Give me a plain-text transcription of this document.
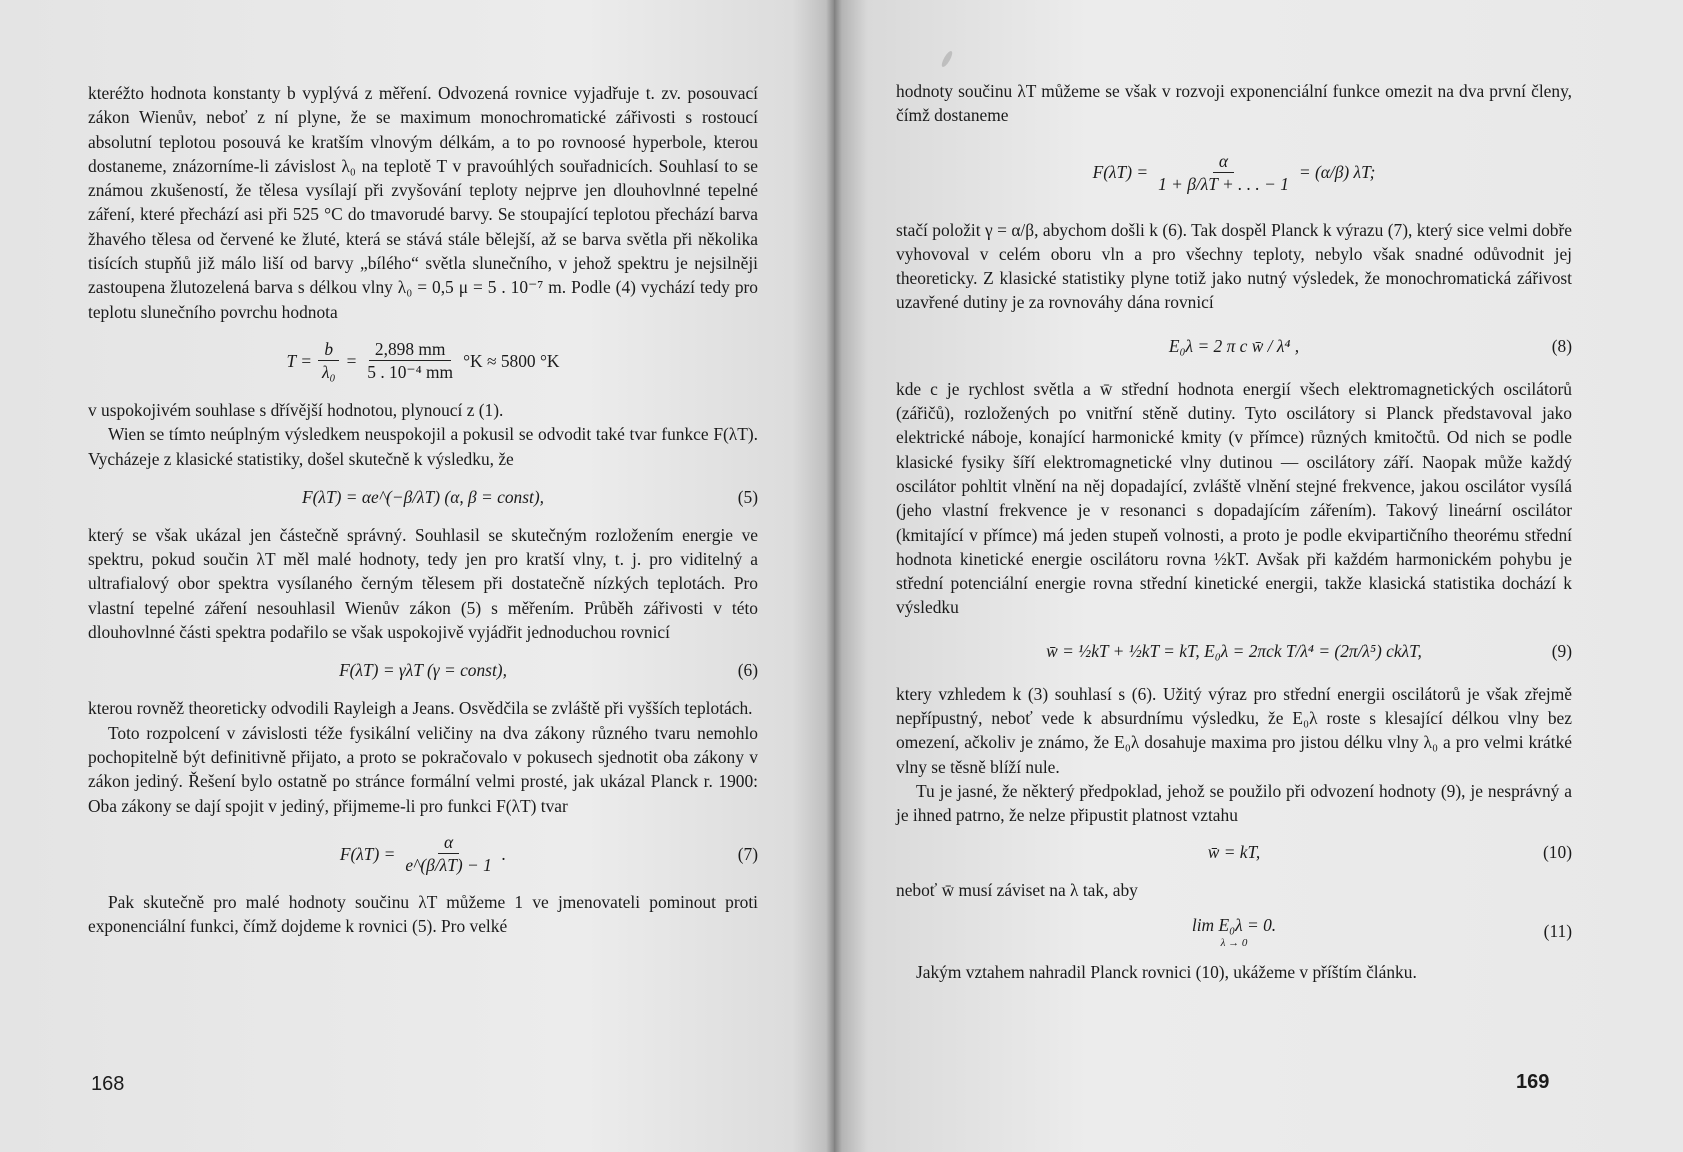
kteréžto hodnota konstanty b vyplývá z měření. Odvozená rovnice vyjadřuje t. zv. posouvací zákon Wienův, neboť z ní plyne, že se maximum monochromatické zářivosti s rostoucí absolutní teplotou posouvá ke kratším vlnovým délkám, a to po rovnoosé hyperbole, kterou dostaneme, znázorníme-li závislost λ₀ na teplotě T v pravoúhlých souřadnicích. Souhlasí to se známou zkušeností, že tělesa vysílají při zvyšování teploty nejprve jen dlouhovlnné tepelné záření, které přechází asi při 525 °C do tmavorudé barvy. Se stoupající teplotou přechází barva žhavého tělesa od červené ke žluté, která se stává stále bělejší, až se barva světla při několika tisících stupňů již málo liší od barvy „bílého“ světla slunečního, v jehož spektru je nejsilněji zastoupena žlutozelená barva s délkou vlny λ₀ = 0,5 μ = 5 . 10⁻⁷ m. Podle (4) vychází tedy pro teplotu slunečního povrchu hodnota

$T = \frac{b}{\text{λ₀}} = \frac{2,898 mm}{\text{5 . 10⁻⁴ mm}} ^\circ K \approx 5800$ °K

v uspokojivém souhlase s dřívější hodnotou, plynoucí z (1).

Wien se tímto neúplným výsledkem neuspokojil a pokusil se odvodit také tvar funkce F(λT). Vycházeje z klasické statistiky, došel skutečně k výsledku, že

F(λT) = αe^(−β/λT) (α, β = const),	(5)

který se však ukázal jen částečně správný. Souhlasil se skutečným rozložením energie ve spektru, pokud součin λT měl malé hodnoty, tedy jen pro kratší vlny, t. j. pro viditelný a ultrafialový obor spektra vysílaného černým tělesem při dostatečně nízkých teplotách. Pro vlastní tepelné záření nesouhlasil Wienův zákon (5) s měřením. Průběh zářivosti v této dlouhovlnné části spektra podařilo se však uspokojivě vyjádřit jednoduchou rovnicí

F(λT) = γλT (γ = const),	(6)

kterou rovněž theoreticky odvodili Rayleigh a Jeans. Osvědčila se zvláště při vyšších teplotách.

Toto rozpolcení v závislosti téže fysikální veličiny na dva zákony různého tvaru nemohlo pochopitelně být definitivně přijato, a proto se pokračovalo v pokusech sjednotit oba zákony v zákon jediný. Řešení bylo ostatně po stránce formální velmi prosté, jak ukázal Planck r. 1900: Oba zákony se dají spojit v jediný, přijmeme-li pro funkci F(λT) tvar

$F(\lambda T) = \frac{\alpha}{e\^{}(\beta/\lambda T) - 1}$ .	(7)

Pak skutečně pro malé hodnoty součinu λT můžeme 1 ve jmenovateli pominout proti exponenciální funkci, čímž dojdeme k rovnici (5). Pro velké

168

hodnoty součinu λT můžeme se však v rozvoji exponenciální funkce omezit na dva první členy, čímž dostaneme

$F(\lambda T) = \frac{\alpha}{1 + \beta/\lambda T + . . . - 1} = (\alpha/\beta)$ λT;

stačí položit γ = α/β, abychom došli k (6). Tak dospěl Planck k výrazu (7), který sice velmi dobře vyhovoval v celém oboru vln a pro všechny teploty, nebylo však snadné odůvodnit jej theoreticky. Z klasické statistiky plyne totiž jako nutný výsledek, že monochromatická zářivost uzavřené dutiny je za rovnováhy dána rovnicí

E₀λ = 2 π c w̄ / λ⁴ ,	(8)

kde c je rychlost světla a w̄ střední hodnota energií všech elektromagnetických oscilátorů (zářičů), rozložených po vnitřní stěně dutiny. Tyto oscilátory si Planck představoval jako elektrické náboje, konající harmonické kmity (v přímce) různých kmitočtů. Od nich se podle klasické fysiky šíří elektromagnetické vlny dutinou — oscilátory září. Naopak může každý oscilátor pohltit vlnění na něj dopadající, zvláště vlnění stejné frekvence, jakou oscilátor vysílá (jeho vlastní frekvence je v resonanci s dopadajícím zářením). Takový lineární oscilátor (kmitající v přímce) má jeden stupeň volnosti, a proto je podle ekvipartičního theorému střední hodnota kinetické energie oscilátoru rovna ½kT. Avšak při každém harmonickém pohybu je střední potenciální energie rovna střední kinetické energii, takže klasická statistika dochází k výsledku

w̄ = ½kT + ½kT = kT, E₀λ = 2πck T/λ⁴ = (2π/λ⁵) ckλT,	(9)

ktery vzhledem k (3) souhlasí s (6). Užitý výraz pro střední energii oscilátorů je však zřejmě nepřípustný, neboť vede k absurdnímu výsledku, že E₀λ roste s klesající délkou vlny bez omezení, ačkoliv je známo, že E₀λ dosahuje maxima pro jistou délku vlny λ₀ a pro velmi krátké vlny se těsně blíží nule.

Tu je jasné, že některý předpoklad, jehož se použilo při odvození hodnoty (9), je nesprávný a je ihned patrno, že nelze připustit platnost vztahu

w̄ = kT,	(10)

neboť w̄ musí záviset na λ tak, aby

lim E₀λ = 0.
λ → 0
(11)

Jakým vztahem nahradil Planck rovnici (10), ukážeme v příštím článku.

169
